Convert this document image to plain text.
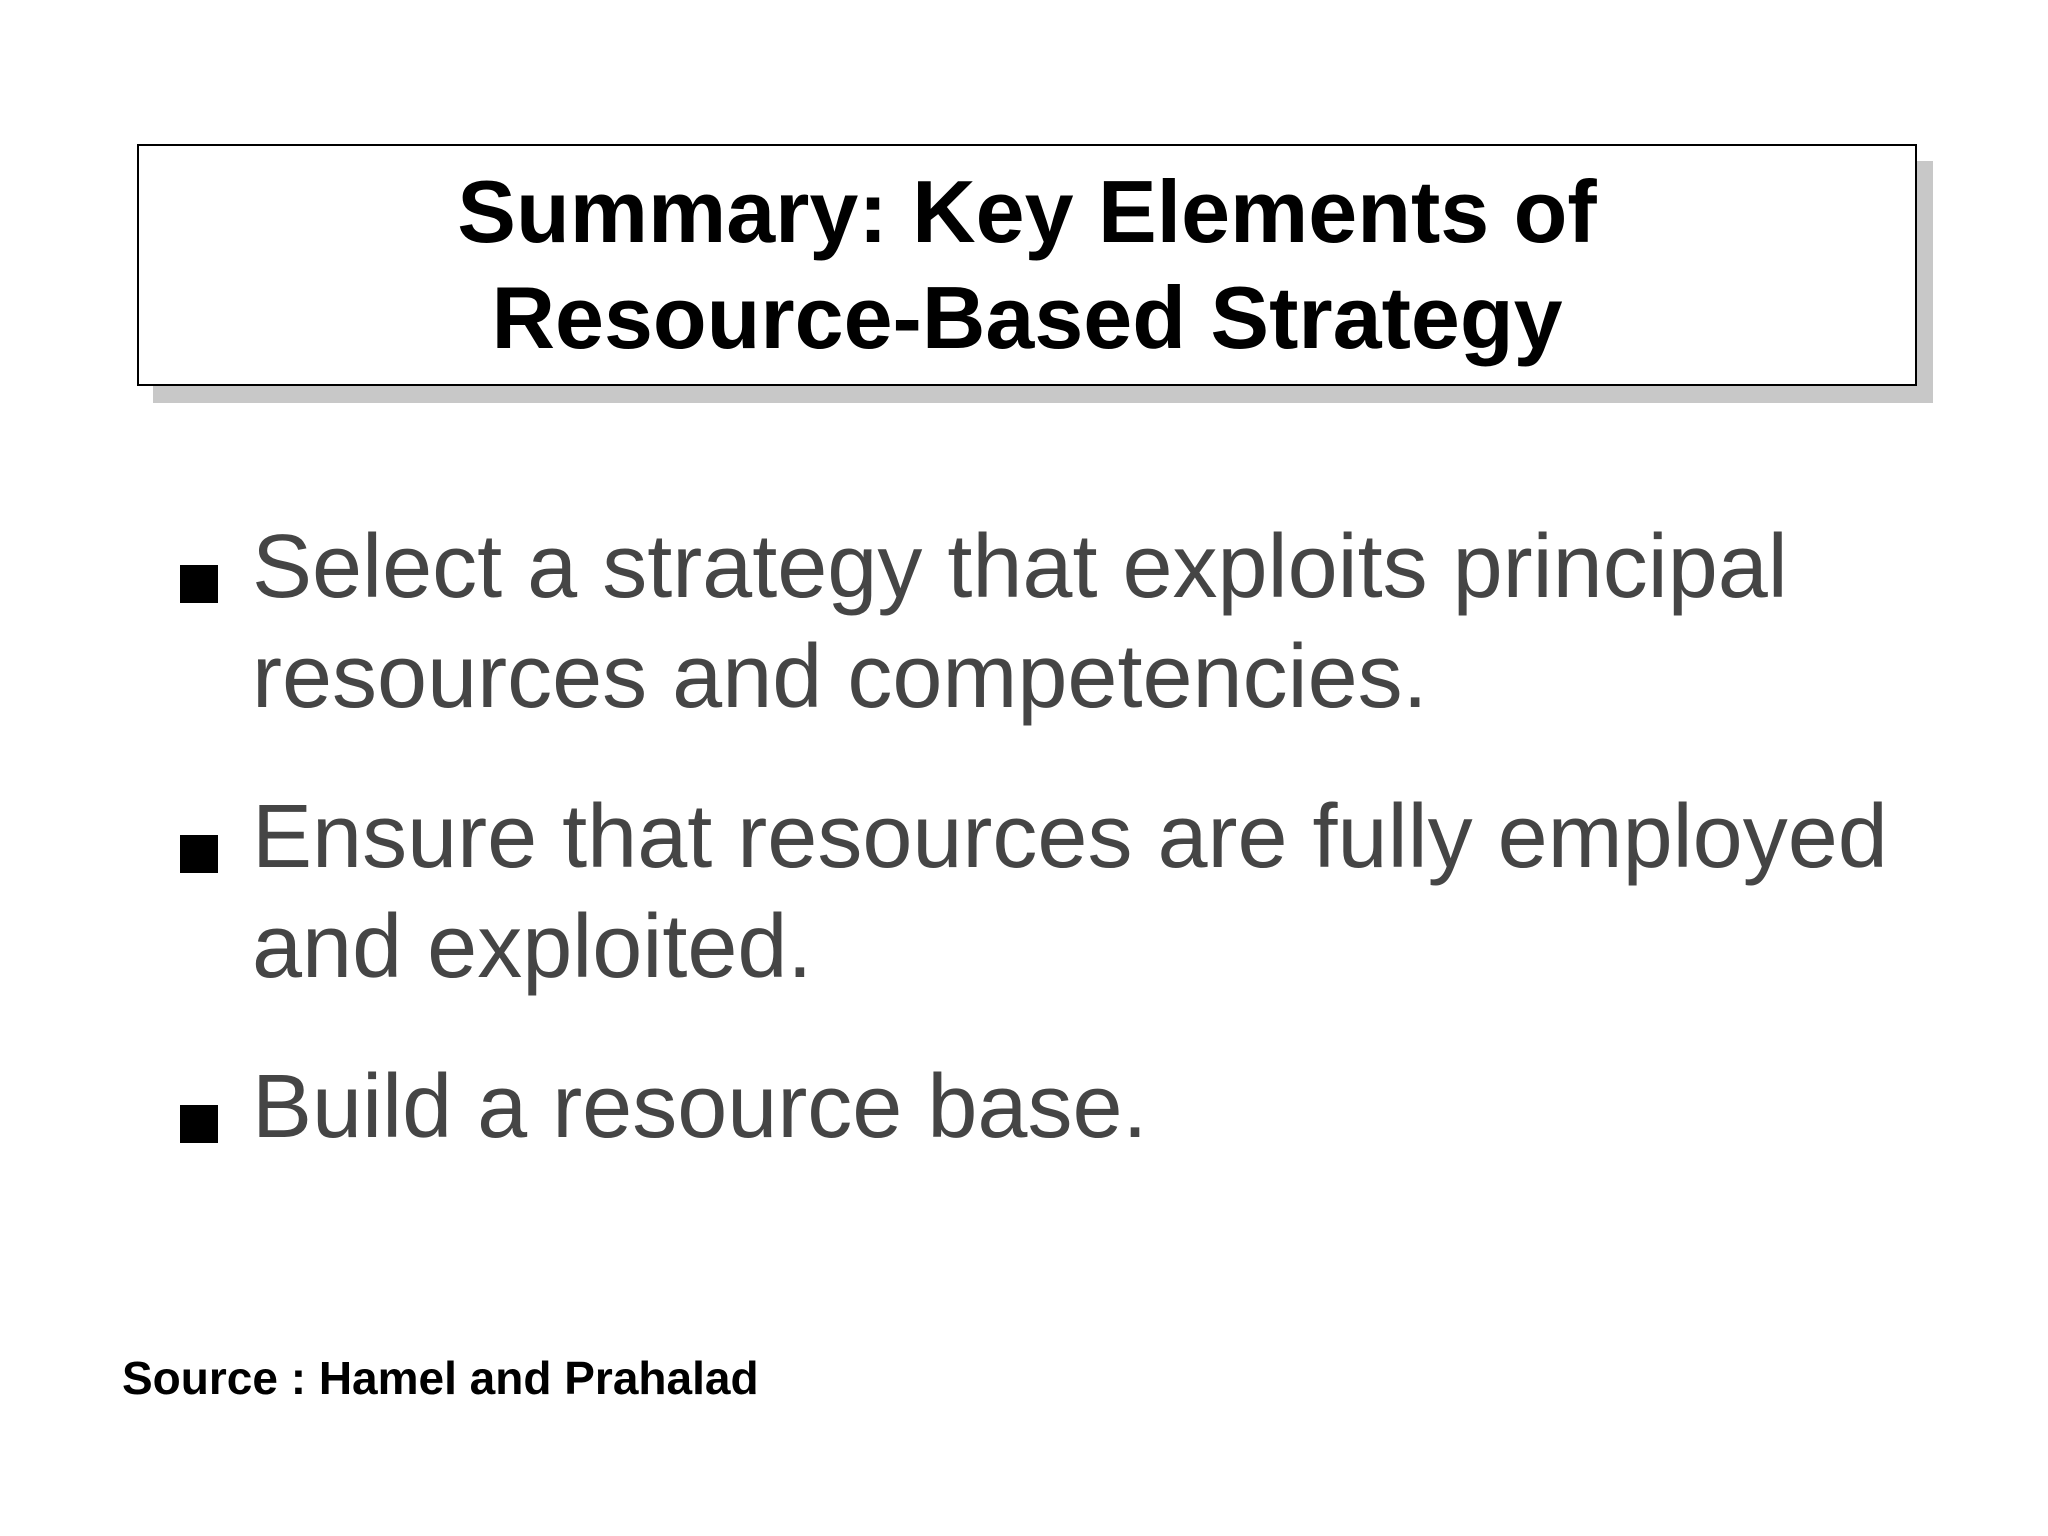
Summary: Key Elements of
Resource-Based Strategy
Select a strategy that exploits principal resources and competencies.
Ensure that resources are fully employed and exploited.
Build a resource base.
Source : Hamel and Prahalad
